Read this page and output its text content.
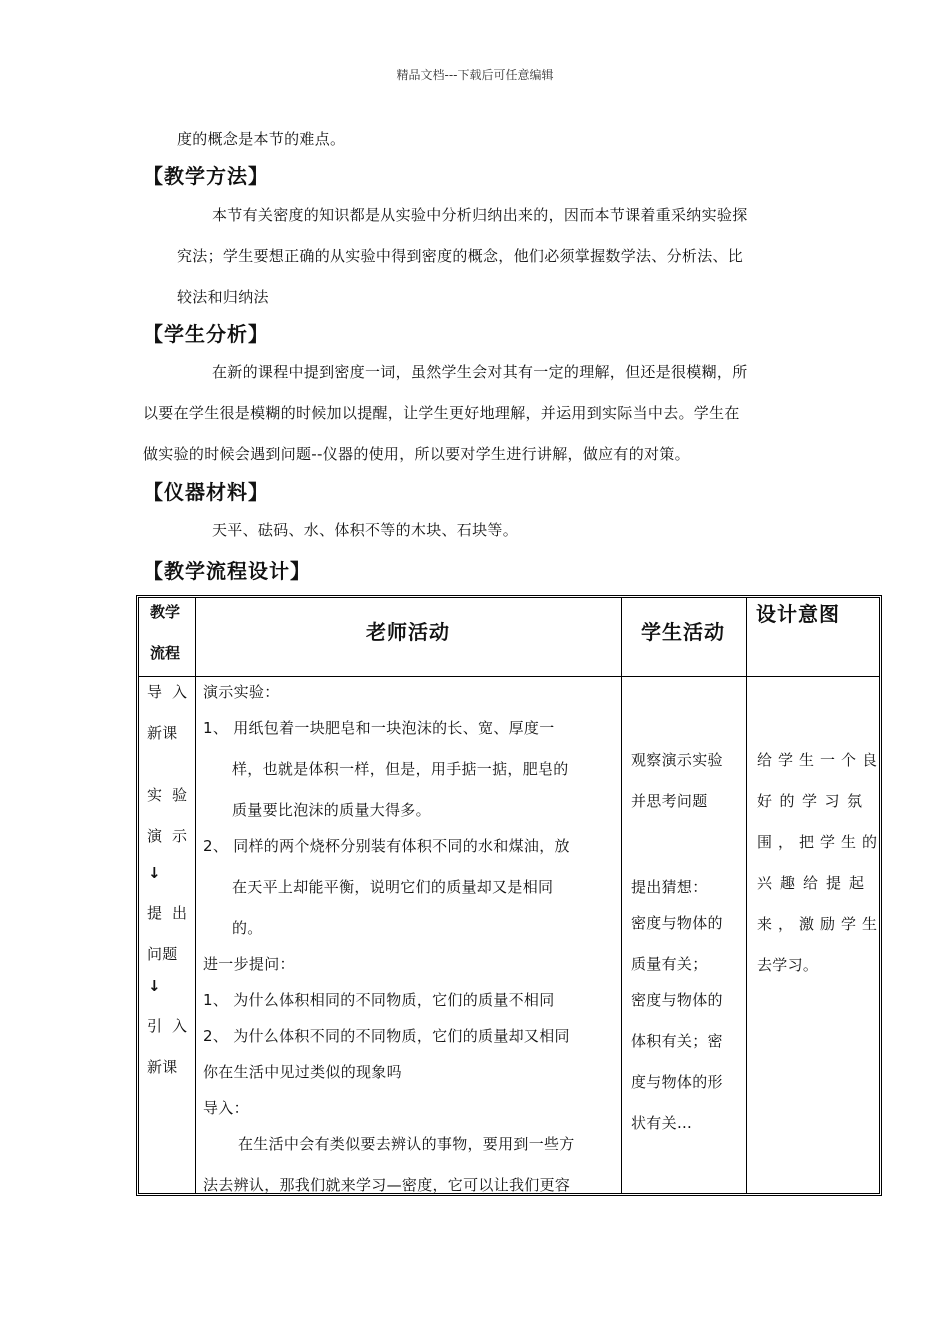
精品文档---下载后可任意编辑
度的概念是本节的难点。
【教学方法】
本节有关密度的知识都是从实验中分析归纳出来的，因而本节课着重采纳实验探
究法；学生要想正确的从实验中得到密度的概念，他们必须掌握数学法、分析法、比
较法和归纳法
【学生分析】
在新的课程中提到密度一词，虽然学生会对其有一定的理解，但还是很模糊，所
以要在学生很是模糊的时候加以提醒，让学生更好地理解，并运用到实际当中去。学生在
做实验的时候会遇到问题--仪器的使用，所以要对学生进行讲解，做应有的对策。
【仪器材料】
天平、砝码、水、体积不等的木块、石块等。
【教学流程设计】
教学
流程
老师活动	学生活动
设计意图
导入
新课
实验
演示
↓
提出
问题
↓
引入
新课
演示实验：
1、 用纸包着一块肥皂和一块泡沫的长、宽、厚度一
样，也就是体积一样，但是，用手掂一掂，肥皂的
质量要比泡沫的质量大得多。
2、 同样的两个烧杯分别装有体积不同的水和煤油，放
在天平上却能平衡，说明它们的质量却又是相同
的。
进一步提问：
1、 为什么体积相同的不同物质，它们的质量不相同
2、 为什么体积不同的不同物质，它们的质量却又相同
你在生活中见过类似的现象吗
导入：
在生活中会有类似要去辨认的事物，要用到一些方
法去辨认，那我们就来学习—密度，它可以让我们更容
观察演示实验
并思考问题
提出猜想：
密度与物体的
质量有关；
密度与物体的
体积有关；密
度与物体的形
状有关…
给学生一个良
好的学习氛
围，把学生的
兴趣给提起
来，激励学生
去学习。
